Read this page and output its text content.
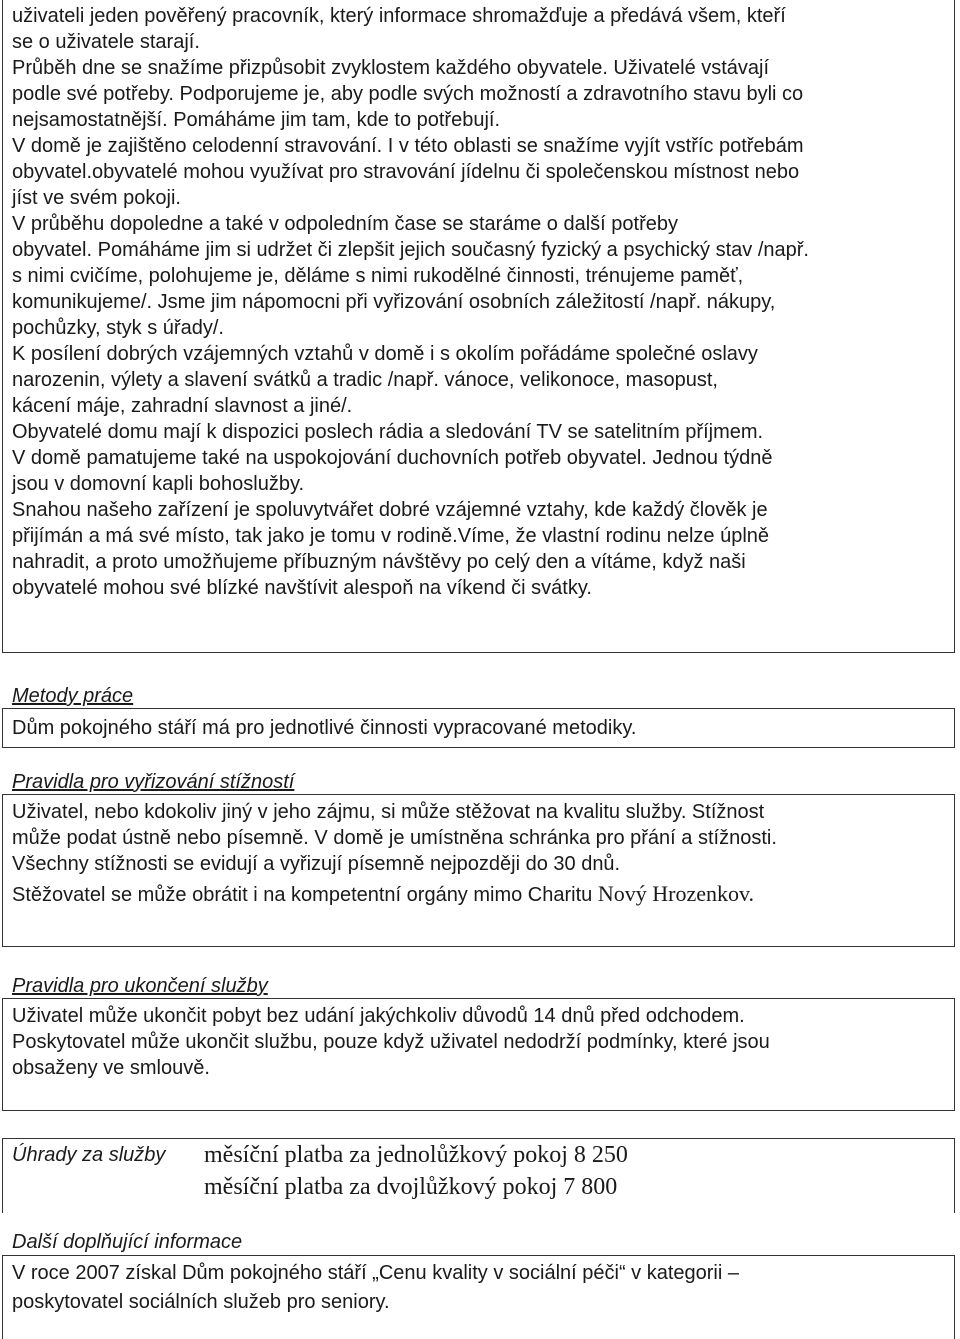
uživateli jeden pověřený pracovník, který informace shromažďuje a předává všem, kteří
se o uživatele starají.
Průběh dne se snažíme přizpůsobit zvyklostem každého obyvatele. Uživatelé vstávají
podle své potřeby. Podporujeme je, aby podle svých možností a zdravotního stavu byli co
nejsamostatnější. Pomáháme jim tam, kde to potřebují.
V domě je zajištěno celodenní stravování. I v této oblasti se snažíme vyjít vstříc potřebám
obyvatel.obyvatelé mohou využívat pro stravování jídelnu či společenskou místnost nebo
jíst ve svém pokoji.
V průběhu dopoledne a také v odpoledním čase se staráme o další potřeby
obyvatel. Pomáháme jim si udržet či zlepšit jejich současný fyzický a psychický stav /např.
s nimi cvičíme, polohujeme je, děláme s nimi rukodělné činnosti, trénujeme paměť,
komunikujeme/. Jsme jim nápomocni při vyřizování osobních záležitostí /např. nákupy,
pochůzky, styk s úřady/.
K posílení dobrých vzájemných vztahů v domě i s okolím pořádáme společné oslavy
narozenin, výlety a slavení svátků a tradic /např. vánoce, velikonoce, masopust,
kácení máje, zahradní slavnost a jiné/.
Obyvatelé domu mají k dispozici poslech rádia a sledování TV se satelitním příjmem.
V domě pamatujeme také na uspokojování duchovních potřeb obyvatel. Jednou týdně
jsou v domovní kapli bohoslužby.
Snahou našeho zařízení je spoluvytvářet dobré vzájemné vztahy, kde každý člověk je
přijímán a má své místo, tak jako je tomu v rodině.Víme, že vlastní rodinu nelze úplně
nahradit, a proto umožňujeme příbuzným návštěvy po celý den a vítáme, když naši
obyvatelé mohou své blízké navštívit alespoň na víkend či svátky.
Metody práce
Dům pokojného stáří má pro jednotlivé činnosti vypracované metodiky.
Pravidla pro vyřizování stížností
Uživatel, nebo kdokoliv jiný v jeho zájmu, si může stěžovat na kvalitu služby. Stížnost
může podat ústně nebo písemně. V domě je umístněna schránka pro přání a stížnosti.
Všechny stížnosti se evidují a vyřizují písemně nejpozději do 30 dnů.
Stěžovatel se může obrátit i na kompetentní orgány mimo Charitu Nový Hrozenkov.
Pravidla pro ukončení služby
Uživatel může ukončit pobyt bez udání jakýchkoliv důvodů 14 dnů před odchodem.
Poskytovatel může ukončit službu, pouze když uživatel nedodrží podmínky, které jsou
obsaženy ve smlouvě.
Úhrady za služby měsíční platba za jednolůžkový pokoj 8 250
měsíční platba za dvojlůžkový pokoj 7 800
Další doplňující informace
V roce 2007 získal Dům pokojného stáří „Cenu kvality v sociální péči“ v kategorii –
poskytovatel sociálních služeb pro seniory.
